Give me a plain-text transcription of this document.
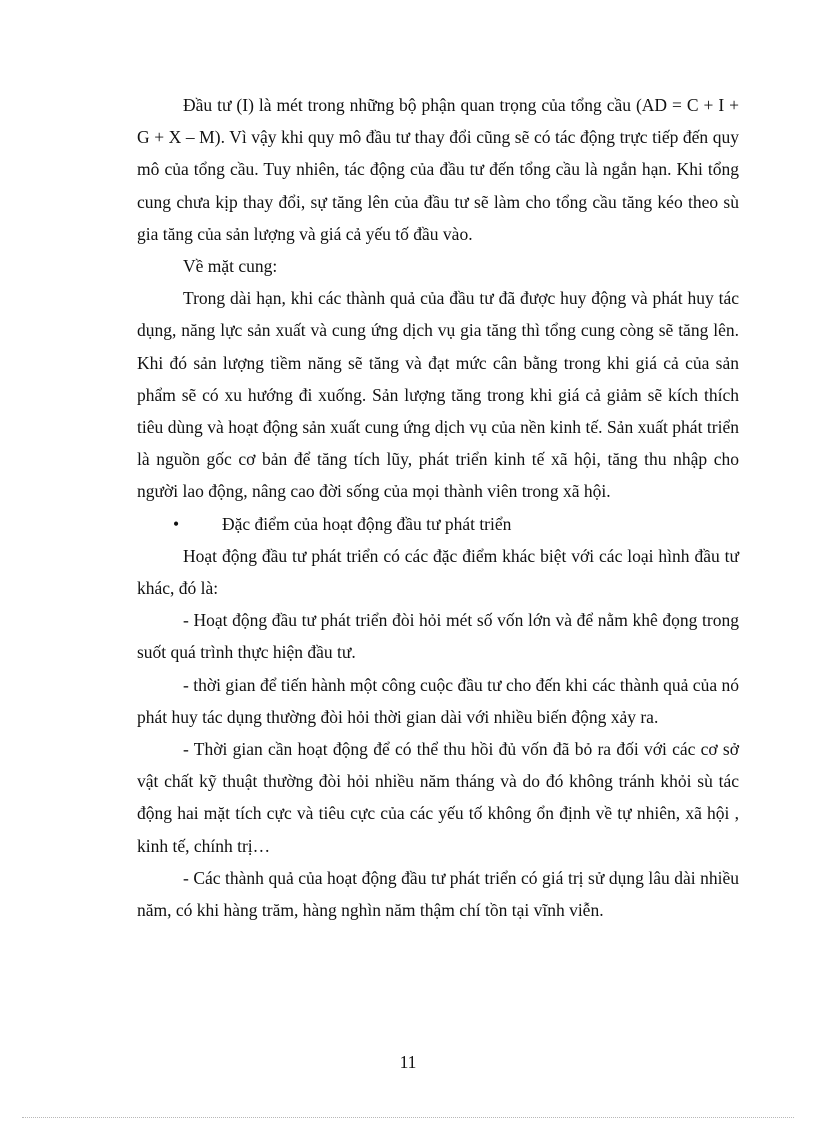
Đầu tư (I) là mét trong những bộ phận quan trọng của tổng cầu (AD = C + I + G + X – M). Vì vậy khi quy mô đầu tư thay đổi cũng sẽ có tác động trực tiếp đến quy mô của tổng cầu. Tuy nhiên, tác động của đầu tư đến tổng cầu là ngắn hạn. Khi tổng cung chưa kịp thay đổi, sự tăng lên của đầu tư sẽ làm cho tổng cầu tăng kéo theo sù gia tăng của sản lượng và giá cả yếu tố đầu vào.

Về mặt cung:

Trong dài hạn, khi các thành quả của đầu tư đã được huy động và phát huy tác dụng, năng lực sản xuất và cung ứng dịch vụ gia tăng thì tổng cung còng sẽ tăng lên. Khi đó sản lượng tiềm năng sẽ tăng và đạt mức cân bằng trong khi giá cả của sản phẩm sẽ có xu hướng đi xuống. Sản lượng tăng trong khi giá cả giảm sẽ kích thích tiêu dùng và hoạt động sản xuất cung ứng dịch vụ của nền kinh tế. Sản xuất phát triển là nguồn gốc cơ bản để tăng tích lũy, phát triển kinh tế xã hội, tăng thu nhập cho người lao động, nâng cao đời sống của mọi thành viên trong xã hội.

•	Đặc điểm của hoạt động đầu tư phát triển

Hoạt động đầu tư phát triển có các đặc điểm khác biệt với các loại hình đầu tư khác, đó là:

- Hoạt động đầu tư phát triển đòi hỏi mét số vốn lớn và để nằm khê đọng trong suốt quá trình thực hiện đầu tư.

- thời gian để tiến hành một công cuộc đầu tư cho đến khi các thành quả của nó phát huy tác dụng thường đòi hỏi thời gian dài với nhiều biến động xảy ra.

- Thời gian cần hoạt động để có thể thu hồi đủ vốn đã bỏ ra đối với các cơ sở vật chất kỹ thuật thường đòi hỏi nhiều năm tháng và do đó không tránh khỏi sù tác động hai mặt tích cực và tiêu cực của các yếu tố không ổn định về tự nhiên, xã hội , kinh tế, chính trị…

- Các thành quả của hoạt động đầu tư phát triển có giá trị sử dụng lâu dài nhiều năm, có khi hàng trăm, hàng nghìn năm thậm chí tồn tại vĩnh viễn.

11
